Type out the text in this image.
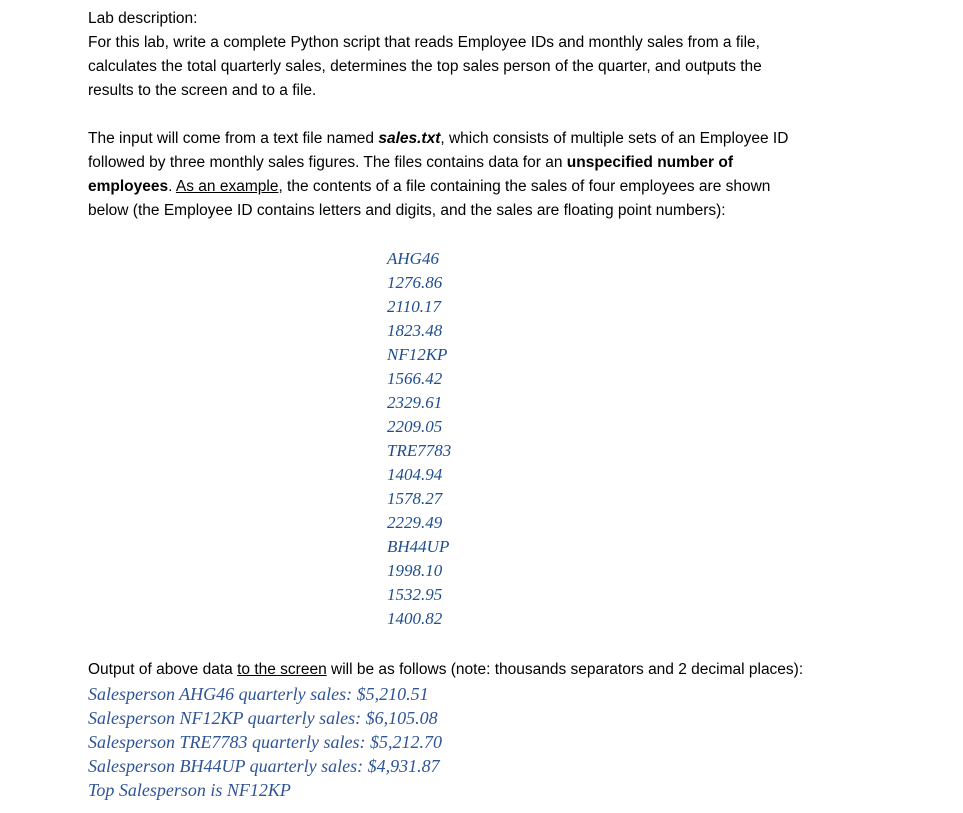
Lab description:
For this lab, write a complete Python script that reads Employee IDs and monthly sales from a file,
calculates the total quarterly sales, determines the top sales person of the quarter, and outputs the
results to the screen and to a file.
The input will come from a text file named sales.txt, which consists of multiple sets of an Employee ID
followed by three monthly sales figures. The files contains data for an unspecified number of
employees. As an example, the contents of a file containing the sales of four employees are shown
below (the Employee ID contains letters and digits, and the sales are floating point numbers):
AHG46
1276.86
2110.17
1823.48
NF12KP
1566.42
2329.61
2209.05
TRE7783
1404.94
1578.27
2229.49
BH44UP
1998.10
1532.95
1400.82
Output of above data to the screen will be as follows (note: thousands separators and 2 decimal places):
Salesperson AHG46 quarterly sales: $5,210.51
Salesperson NF12KP quarterly sales: $6,105.08
Salesperson TRE7783 quarterly sales: $5,212.70
Salesperson BH44UP quarterly sales: $4,931.87
Top Salesperson is NF12KP
